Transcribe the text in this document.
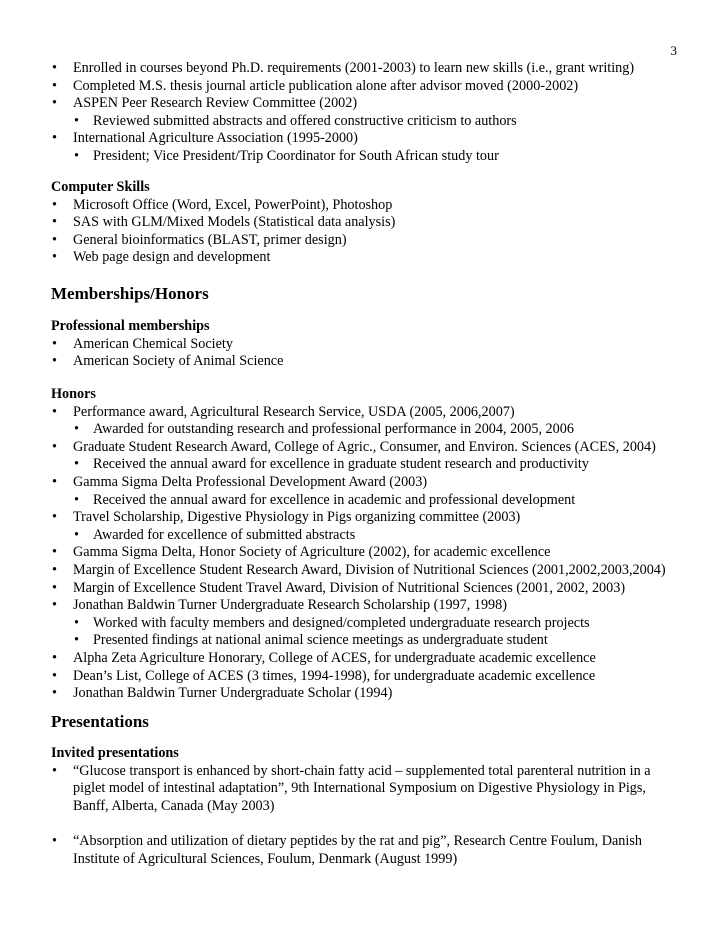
3
• Enrolled in courses beyond Ph.D. requirements (2001-2003) to learn new skills (i.e., grant writing)
• Completed M.S. thesis journal article publication alone after advisor moved (2000-2002)
• ASPEN Peer Research Review Committee (2002)
• Reviewed submitted abstracts and offered constructive criticism to authors
• International Agriculture Association (1995-2000)
• President; Vice President/Trip Coordinator for South African study tour
Computer Skills
• Microsoft Office (Word, Excel, PowerPoint), Photoshop
• SAS with GLM/Mixed Models (Statistical data analysis)
• General bioinformatics (BLAST, primer design)
• Web page design and development
Memberships/Honors
Professional memberships
• American Chemical Society
• American Society of Animal Science
Honors
• Performance award, Agricultural Research Service, USDA (2005, 2006,2007)
• Awarded for outstanding research and professional performance in 2004, 2005, 2006
• Graduate Student Research Award, College of Agric., Consumer, and Environ. Sciences (ACES, 2004)
• Received the annual award for excellence in graduate student research and productivity
• Gamma Sigma Delta Professional Development Award (2003)
• Received the annual award for excellence in academic and professional development
• Travel Scholarship, Digestive Physiology in Pigs organizing committee (2003)
• Awarded for excellence of submitted abstracts
• Gamma Sigma Delta, Honor Society of Agriculture (2002), for academic excellence
• Margin of Excellence Student Research Award, Division of Nutritional Sciences (2001,2002,2003,2004)
• Margin of Excellence Student Travel Award, Division of Nutritional Sciences (2001, 2002, 2003)
• Jonathan Baldwin Turner Undergraduate Research Scholarship (1997, 1998)
• Worked with faculty members and designed/completed undergraduate research projects
• Presented findings at national animal science meetings as undergraduate student
• Alpha Zeta Agriculture Honorary, College of ACES, for undergraduate academic excellence
• Dean’s List, College of ACES (3 times, 1994-1998), for undergraduate academic excellence
• Jonathan Baldwin Turner Undergraduate Scholar (1994)
Presentations
Invited presentations
• “Glucose transport is enhanced by short-chain fatty acid – supplemented total parenteral nutrition in a
piglet model of intestinal adaptation”, 9th International Symposium on Digestive Physiology in Pigs,
Banff, Alberta, Canada (May 2003)
• “Absorption and utilization of dietary peptides by the rat and pig”, Research Centre Foulum, Danish
Institute of Agricultural Sciences, Foulum, Denmark (August 1999)
